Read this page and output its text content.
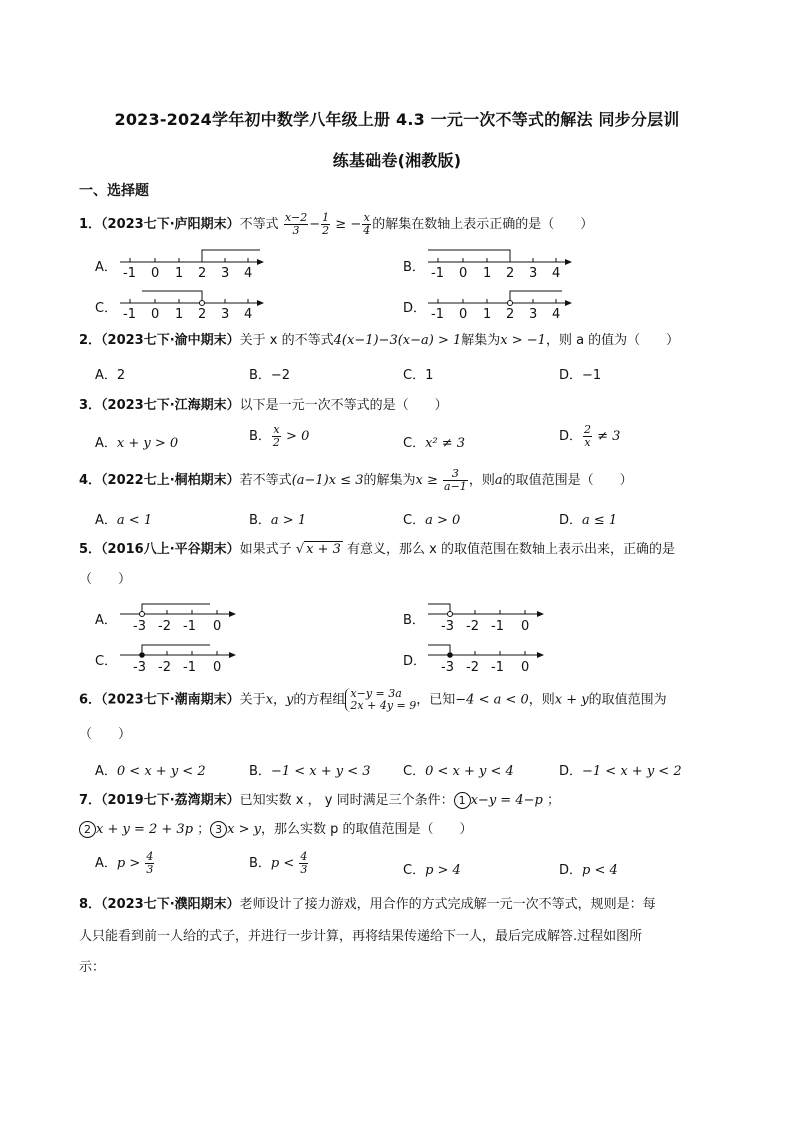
2023-2024学年初中数学八年级上册 4.3 一元一次不等式的解法 同步分层训
练基础卷(湘教版)
一、选择题
1．（2023七下·庐阳期末）不等式 $\frac{x-2}{3} - \frac{1}{2}$ ≥ − $\frac{x}{4}$ 的解集在数轴上表示正确的是（　　）
A．	B．
C．	D．
-1 0 1 2 3 4	-1 0 1 2 3 4
-1 0 1 2 3 4	-1 0 1 2 3 4
2．（2023七下·渝中期末）关于 x 的不等式4(x−1)−3(x−a) > 1解集为x > −1，则 a 的值为（　　）
A．2	B．−2	C．1	D．−1
3．（2023七下·江海期末）以下是一元一次不等式的是（　　）
A．x + y > 0	B． $\frac{x}{2} > 0$	C．x² ≠ 3	D． $\frac{2}{x} \ne 3$
4．（2022七上·桐柏期末）若不等式(a−1)x ≤ 3的解集为$x \ge \frac{3}{a-1}$ ，则a的取值范围是（　　）
A．a < 1	B．a > 1	C．a > 0	D．a ≤ 1
5．（2016八上·平谷期末）如果式子 √ x + 3 有意义，那么 x 的取值范围在数轴上表示出来，正确的是
（　　）
A．	B．
C．	D．
-3 -2 -1 0	-3 -2 -1 0
-3 -2 -1 0	-3 -2 -1 0
6．（2023七下·潮南期末）关于x，y的方程组 x−y = 3a
2x + 4y = 9，已知−4 < a < 0，则x + y的取值范围为
（　　）
A．0 < x + y < 2	B．−1 < x + y < 3 C．0 < x + y < 4	D．−1 < x + y < 2
7．（2019七下·荔湾期末）已知实数 x ， y 同时满足三个条件： 1 x−y = 4−p ；
2 x + y = 2 + 3p ； 3 x > y，那么实数 p 的取值范围是（　　）
A．$p > \frac{4}{3}$	B．$p < \frac{4}{3}$	C．p > 4	D．p < 4
8．（2023七下·濮阳期末）老师设计了接力游戏，用合作的方式完成解一元一次不等式，规则是：每
人只能看到前一人给的式子，并进行一步计算，再将结果传递给下一人，最后完成解答.过程如图所
示：
